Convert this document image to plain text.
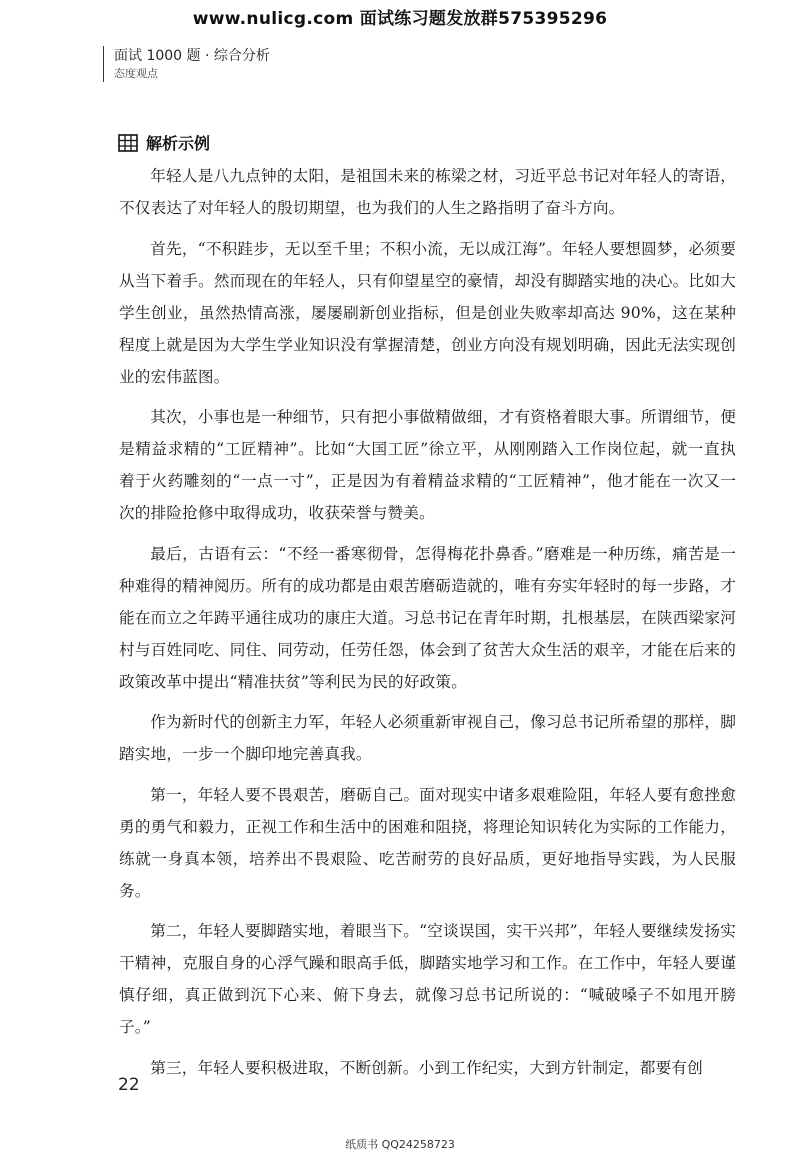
www.nulicg.com 面试练习题发放群575395296
面试 1000 题 · 综合分析
态度观点
解析示例

年轻人是八九点钟的太阳，是祖国未来的栋梁之材，习近平总书记对年轻人的寄语，不仅表达了对年轻人的殷切期望，也为我们的人生之路指明了奋斗方向。

首先，“不积跬步，无以至千里；不积小流，无以成江海”。年轻人要想圆梦，必须要从当下着手。然而现在的年轻人，只有仰望星空的豪情，却没有脚踏实地的决心。比如大学生创业，虽然热情高涨，屡屡刷新创业指标，但是创业失败率却高达 90%，这在某种程度上就是因为大学生学业知识没有掌握清楚，创业方向没有规划明确，因此无法实现创业的宏伟蓝图。

其次，小事也是一种细节，只有把小事做精做细，才有资格着眼大事。所谓细节，便是精益求精的“工匠精神”。比如“大国工匠”徐立平，从刚刚踏入工作岗位起，就一直执着于火药雕刻的“一点一寸”，正是因为有着精益求精的“工匠精神”，他才能在一次又一次的排险抢修中取得成功，收获荣誉与赞美。

最后，古语有云：“不经一番寒彻骨，怎得梅花扑鼻香。”磨难是一种历练，痛苦是一种难得的精神阅历。所有的成功都是由艰苦磨砺造就的，唯有夯实年轻时的每一步路，才能在而立之年踌平通往成功的康庄大道。习总书记在青年时期，扎根基层，在陕西梁家河村与百姓同吃、同住、同劳动，任劳任怨，体会到了贫苦大众生活的艰辛，才能在后来的政策改革中提出“精准扶贫”等利民为民的好政策。

作为新时代的创新主力军，年轻人必须重新审视自己，像习总书记所希望的那样，脚踏实地，一步一个脚印地完善真我。

第一，年轻人要不畏艰苦，磨砺自己。面对现实中诸多艰难险阻，年轻人要有愈挫愈勇的勇气和毅力，正视工作和生活中的困难和阻挠，将理论知识转化为实际的工作能力，练就一身真本领，培养出不畏艰险、吃苦耐劳的良好品质，更好地指导实践，为人民服务。

第二，年轻人要脚踏实地，着眼当下。“空谈误国，实干兴邦”，年轻人要继续发扬实干精神，克服自身的心浮气躁和眼高手低，脚踏实地学习和工作。在工作中，年轻人要谨慎仔细，真正做到沉下心来、俯下身去，就像习总书记所说的：“喊破嗓子不如甩开膀子。”

第三，年轻人要积极进取，不断创新。小到工作纪实，大到方针制定，都要有创

22
纸质书 QQ24258723
